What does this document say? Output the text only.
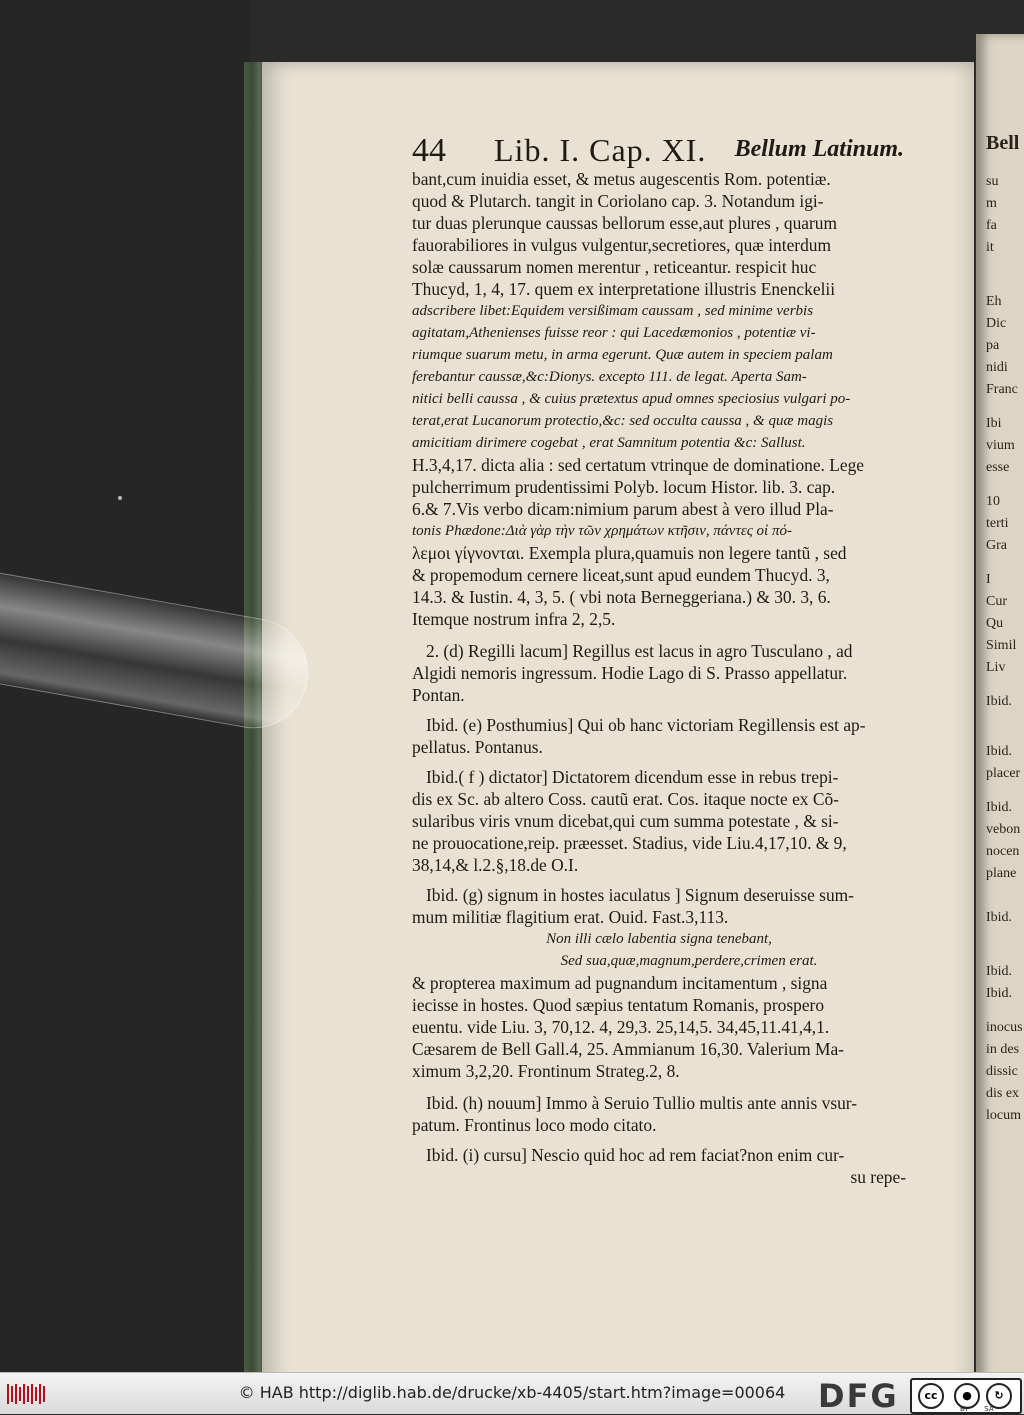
44 Lib. I. Cap. XI. Bellum Latinum.
bant,cum inuidia esset, & metus augescentis Rom. potentiæ.
quod & Plutarch. tangit in Coriolano cap. 3. Notandum igi-
tur duas plerunque caussas bellorum esse,aut plures , quarum
fauorabiliores in vulgus vulgentur,secretiores, quæ interdum
solæ caussarum nomen merentur , reticeantur. respicit huc
Thucyd, 1, 4, 17. quem ex interpretatione illustris Enenckelii
adscribere libet:Equidem versißimam caussam , sed minime verbis
agitatam,Athenienses fuisse reor : qui Lacedæmonios , potentiæ vi-
riumque suarum metu, in arma egerunt. Quæ autem in speciem palam
ferebantur caussæ,&c:Dionys. excepto 111. de legat. Aperta Sam-
nitici belli caussa , & cuius prætextus apud omnes speciosius vulgari po-
terat,erat Lucanorum protectio,&c: sed occulta caussa , & quæ magis
amicitiam dirimere cogebat , erat Samnitum potentia &c: Sallust.
H.3,4,17. dicta alia : sed certatum vtrinque de dominatione. Lege
pulcherrimum prudentissimi Polyb. locum Histor. lib. 3. cap.
6.& 7.Vis verbo dicam:nimium parum abest à vero illud Pla-
tonis Phædone:Διὰ γὰρ τὴν τῶν χρημάτων κτῆσιν, πάντες οἱ πό-
λεμοι γίγνονται. Exempla plura,quamuis non legere tantũ , sed
& propemodum cernere liceat,sunt apud eundem Thucyd. 3,
14.3. & Iustin. 4, 3, 5. ( vbi nota Berneggeriana.) & 30. 3, 6.
Itemque nostrum infra 2, 2,5.
2. (d) Regilli lacum] Regillus est lacus in agro Tusculano , ad
Algidi nemoris ingressum. Hodie Lago di S. Prasso appellatur.
Pontan.
Ibid. (e) Posthumius] Qui ob hanc victoriam Regillensis est ap-
pellatus. Pontanus.
Ibid.( f ) dictator] Dictatorem dicendum esse in rebus trepi-
dis ex Sc. ab altero Coss. cautũ erat. Cos. itaque nocte ex Cõ-
sularibus viris vnum dicebat,qui cum summa potestate , & si-
ne prouocatione,reip. præesset. Stadius, vide Liu.4,17,10. & 9,
38,14,& l.2.§,18.de O.I.
Ibid. (g) signum in hostes iaculatus ] Signum deseruisse sum-
mum militiæ flagitium erat. Ouid. Fast.3,113.
Non illi cælo labentia signa tenebant,
Sed sua,quæ,magnum,perdere,crimen erat.
& propterea maximum ad pugnandum incitamentum , signa
iecisse in hostes. Quod sæpius tentatum Romanis, prospero
euentu. vide Liu. 3, 70,12. 4, 29,3. 25,14,5. 34,45,11.41,4,1.
Cæsarem de Bell Gall.4, 25. Ammianum 16,30. Valerium Ma-
ximum 3,2,20. Frontinum Strateg.2, 8.
Ibid. (h) nouum] Immo à Seruio Tullio multis ante annis vsur-
patum. Frontinus loco modo citato.
Ibid. (i) cursu] Nescio quid hoc ad rem faciat?non enim cur-
su repe-
Bell
su
m
fa
it
Eh
Dic
pa
nidi
Franc
Ibi
vium
esse
10
terti
Gra
I
Cur
Qu
Simil
Liv
Ibid.
Ibid.
placer
Ibid.
vebon
nocen
plane
Ibid.
Ibid.
Ibid.
inocus
in des
dissic
dis ex
locum
© HAB http://diglib.hab.de/drucke/xb-4405/start.htm?image=00064	DFG	cc	●	↻
BY SA
